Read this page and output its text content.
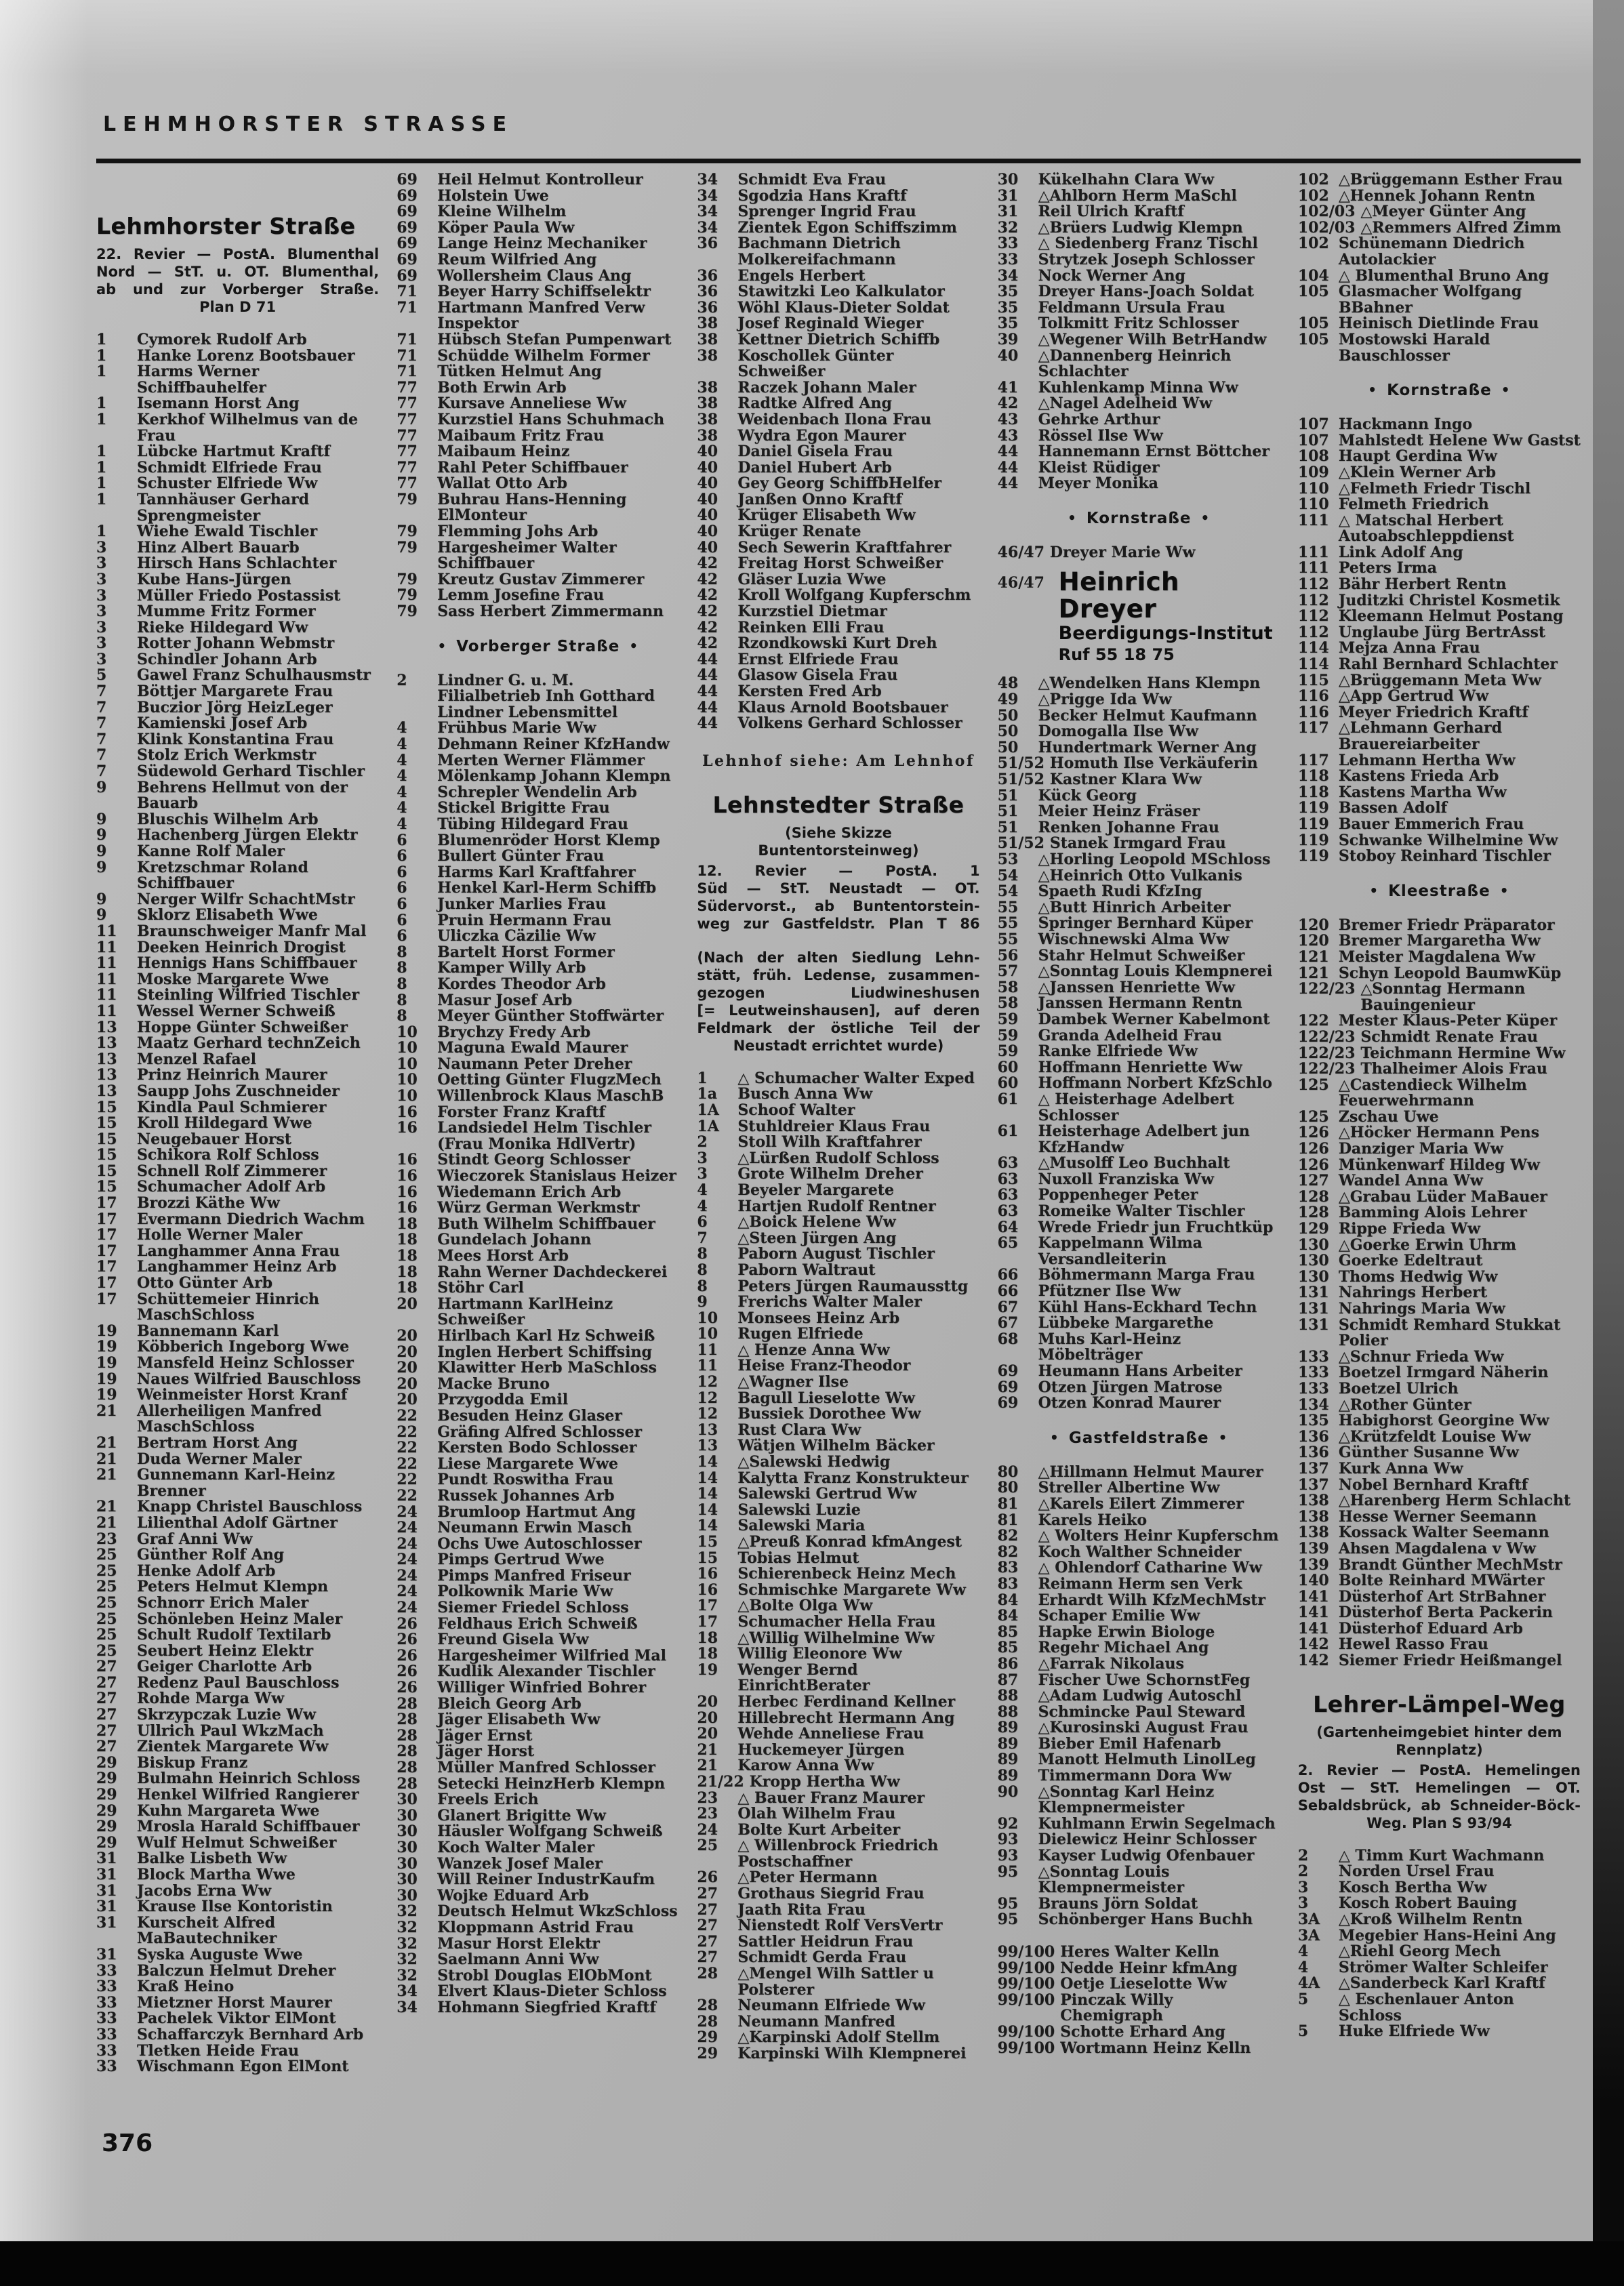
LEHMHORSTER STRASSE
Lehmhorster Straße
22. Revier — PostA. Blumenthal
Nord — StT. u. OT. Blumenthal,
ab und zur Vorberger Straße.
Plan D 71
1	Cymorek Rudolf Arb
1	Hanke Lorenz Bootsbauer
1	Harms Werner Schiffbauhelfer
1	Isemann Horst Ang
1	Kerkhof Wilhelmus van de Frau
1	Lübcke Hartmut Kraftf
1	Schmidt Elfriede Frau
1	Schuster Elfriede Ww
1	Tannhäuser Gerhard Sprengmeister
1	Wiehe Ewald Tischler
3	Hinz Albert Bauarb
3	Hirsch Hans Schlachter
3	Kube Hans-Jürgen
3	Müller Friedo Postassist
3	Mumme Fritz Former
3	Rieke Hildegard Ww
3	Rotter Johann Webmstr
3	Schindler Johann Arb
5	Gawel Franz Schulhausmstr
7	Böttjer Margarete Frau
7	Buczior Jörg HeizLeger
7	Kamienski Josef Arb
7	Klink Konstantina Frau
7	Stolz Erich Werkmstr
7	Südewold Gerhard Tischler
9	Behrens Hellmut von der Bauarb
9	Bluschis Wilhelm Arb
9	Hachenberg Jürgen Elektr
9	Kanne Rolf Maler
9	Kretzschmar Roland Schiffbauer
9	Nerger Wilfr SchachtMstr
9	Sklorz Elisabeth Wwe
11	Braunschweiger Manfr Mal
11	Deeken Heinrich Drogist
11	Hennigs Hans Schiffbauer
11	Moske Margarete Wwe
11	Steinling Wilfried Tischler
11	Wessel Werner Schweiß
13	Hoppe Günter Schweißer
13	Maatz Gerhard technZeich
13	Menzel Rafael
13	Prinz Heinrich Maurer
13	Saupp Johs Zuschneider
15	Kindla Paul Schmierer
15	Kroll Hildegard Wwe
15	Neugebauer Horst
15	Schikora Rolf Schloss
15	Schnell Rolf Zimmerer
15	Schumacher Adolf Arb
17	Brozzi Käthe Ww
17	Evermann Diedrich Wachm
17	Holle Werner Maler
17	Langhammer Anna Frau
17	Langhammer Heinz Arb
17	Otto Günter Arb
17	Schüttemeier Hinrich MaschSchloss
19	Bannemann Karl
19	Köbberich Ingeborg Wwe
19	Mansfeld Heinz Schlosser
19	Naues Wilfried Bauschloss
19	Weinmeister Horst Kranf
21	Allerheiligen Manfred MaschSchloss
21	Bertram Horst Ang
21	Duda Werner Maler
21	Gunnemann Karl-Heinz Brenner
21	Knapp Christel Bauschloss
21	Lilienthal Adolf Gärtner
23	Graf Anni Ww
25	Günther Rolf Ang
25	Henke Adolf Arb
25	Peters Helmut Klempn
25	Schnorr Erich Maler
25	Schönleben Heinz Maler
25	Schult Rudolf Textilarb
25	Seubert Heinz Elektr
27	Geiger Charlotte Arb
27	Redenz Paul Bauschloss
27	Rohde Marga Ww
27	Skrzypczak Luzie Ww
27	Ullrich Paul WkzMach
27	Zientek Margarete Ww
29	Biskup Franz
29	Bulmahn Heinrich Schloss
29	Henkel Wilfried Rangierer
29	Kuhn Margareta Wwe
29	Mrosla Harald Schiffbauer
29	Wulf Helmut Schweißer
31	Balke Lisbeth Ww
31	Block Martha Wwe
31	Jacobs Erna Ww
31	Krause Ilse Kontoristin
31	Kurscheit Alfred MaBautechniker
31	Syska Auguste Wwe
33	Balczun Helmut Dreher
33	Kraß Heino
33	Mietzner Horst Maurer
33	Pachelek Viktor ElMont
33	Schaffarczyk Bernhard Arb
33	Tletken Heide Frau
33	Wischmann Egon ElMont
69	Heil Helmut Kontrolleur
69	Holstein Uwe
69	Kleine Wilhelm
69	Köper Paula Ww
69	Lange Heinz Mechaniker
69	Reum Wilfried Ang
69	Wollersheim Claus Ang
71	Beyer Harry Schiffselektr
71	Hartmann Manfred Verw Inspektor
71	Hübsch Stefan Pumpenwart
71	Schüdde Wilhelm Former
71	Tütken Helmut Ang
77	Both Erwin Arb
77	Kursave Anneliese Ww
77	Kurzstiel Hans Schuhmach
77	Maibaum Fritz Frau
77	Maibaum Heinz
77	Rahl Peter Schiffbauer
77	Wallat Otto Arb
79	Buhrau Hans-Henning ElMonteur
79	Flemming Johs Arb
79	Hargesheimer Walter Schiffbauer
79	Kreutz Gustav Zimmerer
79	Lemm Josefine Frau
79	Sass Herbert Zimmermann
• Vorberger Straße •
2	Lindner G. u. M. Filialbetrieb Inh Gotthard Lindner Lebensmittel
4	Frühbus Marie Ww
4	Dehmann Reiner KfzHandw
4	Merten Werner Flämmer
4	Mölenkamp Johann Klempn
4	Schrepler Wendelin Arb
4	Stickel Brigitte Frau
4	Tübing Hildegard Frau
6	Blumenröder Horst Klemp
6	Bullert Günter Frau
6	Harms Karl Kraftfahrer
6	Henkel Karl-Herm Schiffb
6	Junker Marlies Frau
6	Pruin Hermann Frau
6	Uliczka Cäzilie Ww
8	Bartelt Horst Former
8	Kamper Willy Arb
8	Kordes Theodor Arb
8	Masur Josef Arb
8	Meyer Günther Stoffwärter
10	Brychzy Fredy Arb
10	Maguna Ewald Maurer
10	Naumann Peter Dreher
10	Oetting Günter FlugzMech
10	Willenbrock Klaus MaschB
16	Forster Franz Kraftf
16	Landsiedel Helm Tischler (Frau Monika HdlVertr)
16	Stindt Georg Schlosser
16	Wieczorek Stanislaus Heizer
16	Wiedemann Erich Arb
16	Würz German Werkmstr
18	Buth Wilhelm Schiffbauer
18	Gundelach Johann
18	Mees Horst Arb
18	Rahn Werner Dachdeckerei
18	Stöhr Carl
20	Hartmann KarlHeinz Schweißer
20	Hirlbach Karl Hz Schweiß
20	Inglen Herbert Schiffsing
20	Klawitter Herb MaSchloss
20	Macke Bruno
20	Przygodda Emil
22	Besuden Heinz Glaser
22	Gräfing Alfred Schlosser
22	Kersten Bodo Schlosser
22	Liese Margarete Wwe
22	Pundt Roswitha Frau
22	Russek Johannes Arb
24	Brumloop Hartmut Ang
24	Neumann Erwin Masch
24	Ochs Uwe Autoschlosser
24	Pimps Gertrud Wwe
24	Pimps Manfred Friseur
24	Polkownik Marie Ww
24	Siemer Friedel Schloss
26	Feldhaus Erich Schweiß
26	Freund Gisela Ww
26	Hargesheimer Wilfried Mal
26	Kudlik Alexander Tischler
26	Williger Winfried Bohrer
28	Bleich Georg Arb
28	Jäger Elisabeth Ww
28	Jäger Ernst
28	Jäger Horst
28	Müller Manfred Schlosser
28	Setecki HeinzHerb Klempn
30	Freels Erich
30	Glanert Brigitte Ww
30	Häusler Wolfgang Schweiß
30	Koch Walter Maler
30	Wanzek Josef Maler
30	Will Reiner IndustrKaufm
30	Wojke Eduard Arb
32	Deutsch Helmut WkzSchloss
32	Kloppmann Astrid Frau
32	Masur Horst Elektr
32	Saelmann Anni Ww
32	Strobl Douglas ElObMont
34	Elvert Klaus-Dieter Schloss
34	Hohmann Siegfried Kraftf
34	Schmidt Eva Frau
34	Sgodzia Hans Kraftf
34	Sprenger Ingrid Frau
34	Zientek Egon Schiffszimm
36	Bachmann Dietrich Molkereifachmann
36	Engels Herbert
36	Stawitzki Leo Kalkulator
36	Wöhl Klaus-Dieter Soldat
38	Josef Reginald Wieger
38	Kettner Dietrich Schiffb
38	Koschollek Günter Schweißer
38	Raczek Johann Maler
38	Radtke Alfred Ang
38	Weidenbach Ilona Frau
38	Wydra Egon Maurer
40	Daniel Gisela Frau
40	Daniel Hubert Arb
40	Gey Georg SchiffbHelfer
40	Janßen Onno Kraftf
40	Krüger Elisabeth Ww
40	Krüger Renate
40	Sech Sewerin Kraftfahrer
42	Freitag Horst Schweißer
42	Gläser Luzia Wwe
42	Kroll Wolfgang Kupferschm
42	Kurzstiel Dietmar
42	Reinken Elli Frau
42	Rzondkowski Kurt Dreh
44	Ernst Elfriede Frau
44	Glasow Gisela Frau
44	Kersten Fred Arb
44	Klaus Arnold Bootsbauer
44	Volkens Gerhard Schlosser
Lehnhof siehe: Am Lehnhof
Lehnstedter Straße
(Siehe Skizze
Buntentorsteinweg)
12. Revier — PostA. 1
Süd — StT. Neustadt — OT.
Südervorst., ab Buntentorstein-
weg zur Gastfeldstr. Plan T 86
(Nach der alten Siedlung Lehn-
stätt, früh. Ledense, zusammen-
gezogen Liudwineshusen
[= Leutweinshausen], auf deren
Feldmark der östliche Teil der
Neustadt errichtet wurde)
1	△ Schumacher Walter Exped
1a	Busch Anna Ww
1A	Schoof Walter
1A	Stuhldreier Klaus Frau
2	Stoll Wilh Kraftfahrer
3	△Lürßen Rudolf Schloss
3	Grote Wilhelm Dreher
4	Beyeler Margarete
4	Hartjen Rudolf Rentner
6	△Boick Helene Ww
7	△Steen Jürgen Ang
8	Paborn August Tischler
8	Paborn Waltraut
8	Peters Jürgen Raumaussttg
9	Frerichs Walter Maler
10	Monsees Heinz Arb
10	Rugen Elfriede
11	△ Henze Anna Ww
11	Heise Franz-Theodor
12	△Wagner Ilse
12	Bagull Lieselotte Ww
12	Bussiek Dorothee Ww
13	Rust Clara Ww
13	Wätjen Wilhelm Bäcker
14	△Salewski Hedwig
14	Kalytta Franz Konstrukteur
14	Salewski Gertrud Ww
14	Salewski Luzie
14	Salewski Maria
15	△Preuß Konrad kfmAngest
15	Tobias Helmut
16	Schierenbeck Heinz Mech
16	Schmischke Margarete Ww
17	△Bolte Olga Ww
17	Schumacher Hella Frau
18	△Willig Wilhelmine Ww
18	Willig Eleonore Ww
19	Wenger Bernd EinrichtBerater
20	Herbec Ferdinand Kellner
20	Hillebrecht Hermann Ang
20	Wehde Anneliese Frau
21	Huckemeyer Jürgen
21	Karow Anna Ww
21/22 Kropp Hertha Ww
23	△ Bauer Franz Maurer
23	Olah Wilhelm Frau
24	Bolte Kurt Arbeiter
25	△ Willenbrock Friedrich Postschaffner
26	△Peter Hermann
27	Grothaus Siegrid Frau
27	Jaath Rita Frau
27	Nienstedt Rolf VersVertr
27	Sattler Heidrun Frau
27	Schmidt Gerda Frau
28	△Mengel Wilh Sattler u Polsterer
28	Neumann Elfriede Ww
28	Neumann Manfred
29	△Karpinski Adolf Stellm
29	Karpinski Wilh Klempnerei
30	Kükelhahn Clara Ww
31	△Ahlborn Herm MaSchl
31	Reil Ulrich Kraftf
32	△Brüers Ludwig Klempn
33	△ Siedenberg Franz Tischl
33	Strytzek Joseph Schlosser
34	Nock Werner Ang
35	Dreyer Hans-Joach Soldat
35	Feldmann Ursula Frau
35	Tolkmitt Fritz Schlosser
39	△Wegener Wilh BetrHandw
40	△Dannenberg Heinrich Schlachter
41	Kuhlenkamp Minna Ww
42	△Nagel Adelheid Ww
43	Gehrke Arthur
43	Rössel Ilse Ww
44	Hannemann Ernst Böttcher
44	Kleist Rüdiger
44	Meyer Monika
• Kornstraße •
46/47 Dreyer Marie Ww
46/47 Heinrich Dreyer
Beerdigungs-Institut
Ruf 55 18 75
48	△Wendelken Hans Klempn
49	△Prigge Ida Ww
50	Becker Helmut Kaufmann
50	Domogalla Ilse Ww
50	Hundertmark Werner Ang
51/52 Homuth Ilse Verkäuferin
51/52 Kastner Klara Ww
51	Kück Georg
51	Meier Heinz Fräser
51	Renken Johanne Frau
51/52 Stanek Irmgard Frau
53	△Horling Leopold MSchloss
54	△Heinrich Otto Vulkanis
54	Spaeth Rudi KfzIng
55	△Butt Hinrich Arbeiter
55	Springer Bernhard Küper
55	Wischnewski Alma Ww
56	Stahr Helmut Schweißer
57	△Sonntag Louis Klempnerei
58	△Janssen Henriette Ww
58	Janssen Hermann Rentn
59	Dambek Werner Kabelmont
59	Granda Adelheid Frau
59	Ranke Elfriede Ww
60	Hoffmann Henriette Ww
60	Hoffmann Norbert KfzSchlo
61	△ Heisterhage Adelbert Schlosser
61	Heisterhage Adelbert jun KfzHandw
63	△Musolff Leo Buchhalt
63	Nuxoll Franziska Ww
63	Poppenheger Peter
63	Romeike Walter Tischler
64	Wrede Friedr jun Fruchtküp
65	Kappelmann Wilma Versandleiterin
66	Böhmermann Marga Frau
66	Pfützner Ilse Ww
67	Kühl Hans-Eckhard Techn
67	Lübbeke Margarethe
68	Muhs Karl-Heinz Möbelträger
69	Heumann Hans Arbeiter
69	Otzen Jürgen Matrose
69	Otzen Konrad Maurer
• Gastfeldstraße •
80	△Hillmann Helmut Maurer
80	Streller Albertine Ww
81	△Karels Eilert Zimmerer
81	Karels Heiko
82	△ Wolters Heinr Kupferschm
82	Koch Walther Schneider
83	△ Ohlendorf Catharine Ww
83	Reimann Herm sen Verk
84	Erhardt Wilh KfzMechMstr
84	Schaper Emilie Ww
85	Hapke Erwin Biologe
85	Regehr Michael Ang
86	△Farrak Nikolaus
87	Fischer Uwe SchornstFeg
88	△Adam Ludwig Autoschl
88	Schmincke Paul Steward
89	△Kurosinski August Frau
89	Bieber Emil Hafenarb
89	Manott Helmuth LinolLeg
89	Timmermann Dora Ww
90	△Sonntag Karl Heinz Klempnermeister
92	Kuhlmann Erwin Segelmach
93	Dielewicz Heinr Schlosser
93	Kayser Ludwig Ofenbauer
95	△Sonntag Louis Klempnermeister
95	Brauns Jörn Soldat
95	Schönberger Hans Buchh
99/100 Heres Walter Kelln
99/100 Nedde Heinr kfmAng
99/100 Oetje Lieselotte Ww
99/100 Pinczak Willy Chemigraph
99/100 Schotte Erhard Ang
99/100 Wortmann Heinz Kelln
102 △Brüggemann Esther Frau
102 △Hennek Johann Rentn
102/03 △Meyer Günter Ang
102/03 △Remmers Alfred Zimm
102 Schünemann Diedrich Autolackier
104 △ Blumenthal Bruno Ang
105 Glasmacher Wolfgang BBahner
105 Heinisch Dietlinde Frau
105 Mostowski Harald Bauschlosser
• Kornstraße •
107 Hackmann Ingo
107 Mahlstedt Helene Ww Gastst
108 Haupt Gerdina Ww
109 △Klein Werner Arb
110 △Felmeth Friedr Tischl
110 Felmeth Friedrich
111 △ Matschal Herbert Autoabschleppdienst
111 Link Adolf Ang
111 Peters Irma
112 Bähr Herbert Rentn
112 Juditzki Christel Kosmetik
112 Kleemann Helmut Postang
112 Unglaube Jürg BertrAsst
114 Mejza Anna Frau
114 Rahl Bernhard Schlachter
115 △Brüggemann Meta Ww
116 △App Gertrud Ww
116 Meyer Friedrich Kraftf
117 △Lehmann Gerhard Brauereiarbeiter
117 Lehmann Hertha Ww
118 Kastens Frieda Arb
118 Kastens Martha Ww
119 Bassen Adolf
119 Bauer Emmerich Frau
119 Schwanke Wilhelmine Ww
119 Stoboy Reinhard Tischler
• Kleestraße •
120 Bremer Friedr Präparator
120 Bremer Margaretha Ww
121 Meister Magdalena Ww
121 Schyn Leopold BaumwKüp
122/23 △Sonntag Hermann Bauingenieur
122 Mester Klaus-Peter Küper
122/23 Schmidt Renate Frau
122/23 Teichmann Hermine Ww
122/23 Thalheimer Alois Frau
125 △Castendieck Wilhelm Feuerwehrmann
125 Zschau Uwe
126 △Höcker Hermann Pens
126 Danziger Maria Ww
126 Münkenwarf Hildeg Ww
127 Wandel Anna Ww
128 △Grabau Lüder MaBauer
128 Bamming Alois Lehrer
129 Rippe Frieda Ww
130 △Goerke Erwin Uhrm
130 Goerke Edeltraut
130 Thoms Hedwig Ww
131 Nahrings Herbert
131 Nahrings Maria Ww
131 Schmidt Remhard Stukkat Polier
133 △Schnur Frieda Ww
133 Boetzel Irmgard Näherin
133 Boetzel Ulrich
134 △Rother Günter
135 Habighorst Georgine Ww
136 △Krützfeldt Louise Ww
136 Günther Susanne Ww
137 Kurk Anna Ww
137 Nobel Bernhard Kraftf
138 △Harenberg Herm Schlacht
138 Hesse Werner Seemann
138 Kossack Walter Seemann
139 Ahsen Magdalena v Ww
139 Brandt Günther MechMstr
140 Bolte Reinhard MWärter
141 Düsterhof Art StrBahner
141 Düsterhof Berta Packerin
141 Düsterhof Eduard Arb
142 Hewel Rasso Frau
142 Siemer Friedr Heißmangel
Lehrer-Lämpel-Weg
(Gartenheimgebiet hinter dem
Rennplatz)
2. Revier — PostA. Hemelingen
Ost — StT. Hemelingen — OT.
Sebaldsbrück, ab Schneider-Böck-
Weg. Plan S 93/94
2	△ Timm Kurt Wachmann
2	Norden Ursel Frau
3	Kosch Bertha Ww
3	Kosch Robert Bauing
3A	△Kroß Wilhelm Rentn
3A	Megebier Hans-Heini Ang
4	△Riehl Georg Mech
4	Strömer Walter Schleifer
4A	△Sanderbeck Karl Kraftf
5	△ Eschenlauer Anton Schloss
5	Huke Elfriede Ww
376
